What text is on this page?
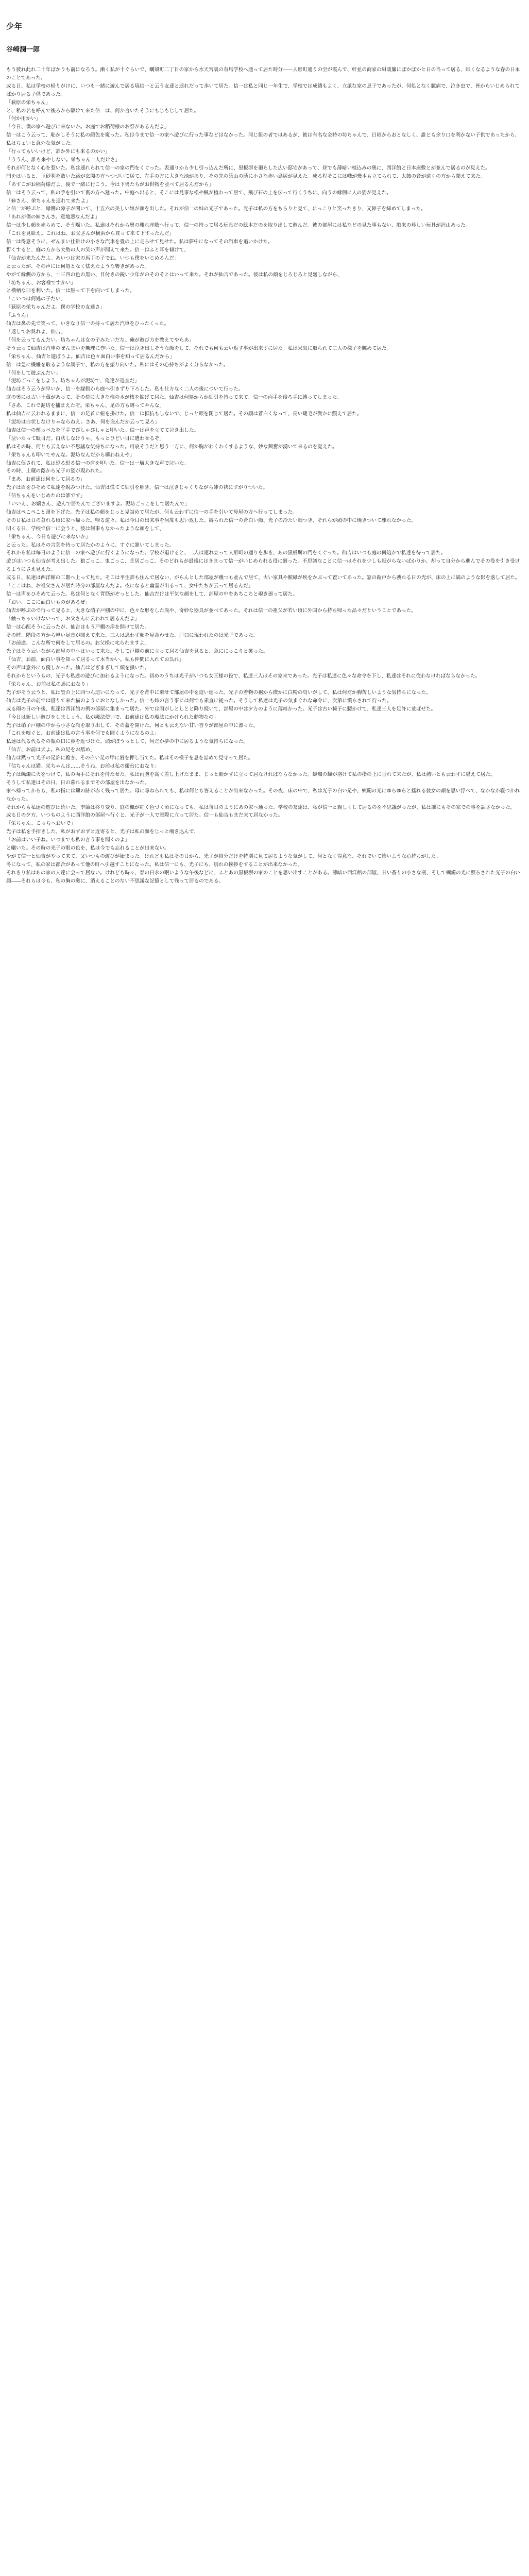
少年
谷崎潤一郎

もう彼れ此れ二十年ばかりも前になろう。漸く私が十ぐらいで、蠣殻町二丁目の家から水天宮裏の有馬学校へ通って居た時分――人形町通りの空が霞んで、軒並の商家の紺暖簾にぽかぽかと日の当って居る、眠くなるような春の日永のことであった。

或る日、私は学校の帰りがけに、いつも一緒に遊んで居る塙信一と云う友達と連れだって歩いて居た。信一は私と同じ一年生で、学校では成績もよく、立派な家の息子であったが、何処となく臆病で、泣き虫で、皆からいじめられてばかり居る子供であった。

「萩原の栄ちゃん」

と、私の名を呼んで後ろから駆けて来た信一は、何か言いたそうにもじもじして居た。

「何か用かい」

「今日、僕の家へ遊びに来ないか。お庭でお稲荷様のお祭があるんだよ」

信一はこう云って、恥かしそうに私の顔色を窺った。私は今まで信一の家へ遊びに行った事などはなかった。同じ組の者ではあるが、彼は有名な金持の坊ちゃんで、日頃からおとなしく、誰とも余り口を利かない子供であったから、私はちょいと意外な気がした。

「行ってもいいけど、誰か外にも来るのかい」

「ううん、誰も来やしない。栄ちゃん一人だけさ」

それが何となく心を惹いた。私は連れられて信一の家の門をくぐった。表通りから少し引っ込んだ所に、黒板塀を廻らした広い邸宅があって、昼でも薄暗い植込みの奥に、西洋館と日本座敷とが並んで居るのが見えた。

門をはいると、玉砂利を敷いた路が玄関の方へつづいて居て、左手の方に大きな池があり、その先の築山の蔭に小さな赤い鳥居が見えた。成る程そこには幟が幾本も立てられて、太鼓の音が遠くの方から聞えて来た。

「あすこがお稲荷様だよ。後で一緒に行こう。今は下男たちがお供物を並べて居るんだから」

信一はそう云って、私の手を引いて裏の方へ廻った。中庭へ出ると、そこには見事な松や楓が植わって居て、飛び石の上を伝って行くうちに、向うの縁側に人の姿が見えた。

「姉さん、栄ちゃんを連れて来たよ」

と信一が呼ぶと、縁側の障子が開いて、十五六の美しい娘が顔を出した。それが信一の姉の光子であった。光子は私の方をちらりと見て、にっこりと笑ったきり、又障子を締めてしまった。

「あれが僕の姉さんさ。意地悪なんだよ」

信一は少し顔を赤らめて、そう囁いた。私達はそれから奥の離れ座敷へ行って、信一の持って居る玩具だの絵本だのを取り出して遊んだ。彼の部屋には私などの見た事もない、舶来の珍しい玩具が沢山あった。

「これを見給え。これはね、お父さんが横浜から買って来て下すったんだ」

信一は得意そうに、ぜんまい仕掛けの小さな汽車を畳の上に走らせて見せた。私は夢中になってその汽車を追いかけた。

暫くすると、庭の方から大勢の人の笑い声が聞えて来た。信一はふと耳を傾けて、

「仙吉が来たんだよ。あいつは家の馬丁の子でね、いつも僕をいじめるんだ」

と云ったが、その声には何処となく怯えたような響きがあった。

やがて縁側の方から、十三四の色の黒い、目付きの鋭い少年がのそのそとはいって来た。それが仙吉であった。彼は私の顔をじろじろと見廻しながら、

「坊ちゃん、お客様ですかい」

と横柄な口を利いた。信一は黙って下を向いてしまった。

「こいつは何処の子だい」

「萩原の栄ちゃんだよ。僕の学校の友達さ」

「ふうん」

仙吉は鼻の先で笑って、いきなり信一の持って居た汽車をひったくった。

「返してお呉れよ、仙吉」

「何を云ってるんだい。坊ちゃんは女の子みたいだな。俺が遊び方を教えてやらあ」

そう云って仙吉は汽車のぜんまいを無理に巻いた。信一は泣き出しそうな顔をして、それでも何も云い返す事が出来ずに居た。私は呆気に取られて二人の様子を眺めて居た。

「栄ちゃん、仙吉と遊ぼうよ。仙吉は色々面白い事を知って居るんだから」

信一は急に機嫌を取るような調子で、私の方を振り向いた。私にはその心持ちがよく分らなかった。

「何をして遊ぶんだい」

「泥坊ごっこをしよう。坊ちゃんが泥坊で、俺達が巡査だ」

仙吉はそう云うが早いか、信一を縁側から庭へ引きずり下ろした。私も仕方なく二人の後について行った。

庭の奥には古い土蔵があって、その傍に大きな椎の木が枝を拡げて居た。仙吉は何処からか細引を持って来て、信一の両手を後ろ手に縛ってしまった。

「さあ、これで泥坊を捕まえたぞ。栄ちゃん、足の方も縛ってやんな」

私は仙吉に云われるままに、信一の足首に紐を掛けた。信一は抵抗もしないで、じっと眼を閉じて居た。その顔は蒼白くなって、長い睫毛が微かに顫えて居た。

「泥坊は白状しなけりゃならねえ。さあ、何を盗んだか云って見ろ」

仙吉は信一の頬っぺたを平手でぴしゃぴしゃと叩いた。信一は声を立てて泣き出した。

「泣いたって駄目だ。白状しなけりゃ、もっとひどい目に遭わせるぞ」

私はその時、何とも云えない不思議な気持ちになった。可哀そうだと思う一方に、何か胸がわくわくするような、妙な興奮が湧いて来るのを覚えた。

「栄ちゃんも叩いてやんな。泥坊なんだから構わねえや」

仙吉に促されて、私は恐る恐る信一の肩を叩いた。信一は一層大きな声で泣いた。

その時、土蔵の蔭から光子の姿が現われた。

「まあ、お前達は何をして居るの」

光子は眉をひそめて私達を睨みつけた。仙吉は慌てて細引を解き、信一は泣きじゃくりながら姉の袂にすがりついた。

「信ちゃんをいじめたのは誰です」

「いいえ、お嬢さん、遊んで居たんでございますよ。泥坊ごっこをして居たんで」

仙吉はぺこぺこと頭を下げた。光子は私の顔をじっと見詰めて居たが、何も云わずに信一の手を引いて母屋の方へ行ってしまった。

その日私は日の暮れる頃に家へ帰った。帰る道々、私は今日の出来事を何度も思い返した。縛られた信一の蒼白い顔、光子の冷たい眼つき、それらが頭の中に焼きついて離れなかった。

明くる日、学校で信一に会うと、彼は何事もなかったような顔をして、

「栄ちゃん、今日も遊びに来ないか」

と云った。私はその言葉を待って居たかのように、すぐに頷いてしまった。

それから私は毎日のように信一の家へ遊びに行くようになった。学校が退けると、二人は連れ立って人形町の通りを歩き、あの黒板塀の門をくぐった。仙吉はいつも庭の何処かで私達を待って居た。

遊びはいつも仙吉が考え出した。狼ごっこ、鬼ごっこ、芝居ごっこ、そのどれもが最後にはきまって信一がいじめられる役に廻った。不思議なことに信一はそれを少しも厭がらないばかりか、却って自分から進んでその役を引き受けるようにさえ見えた。

或る日、私達は西洋館の二階へ上って見た。そこは平生誰も住んで居ない、がらんとした部屋が幾つも並んで居て、古い家具や額縁が埃をかぶって置いてあった。窓の鎧戸から洩れる日の光が、床の上に縞のような影を落して居た。

「ここはね、お祖父さんが居た時分の部屋なんだよ。夜になると幽霊が出るって、女中たちが云って居るんだ」

信一は声をひそめて云った。私は何となく背筋がぞっとした。仙吉だけは平気な顔をして、部屋の中をあちこちと覗き廻って居た。

「おい、ここに面白いものがあるぜ」

仙吉が呼ぶので行って見ると、大きな硝子戸棚の中に、色々な形をした瓶や、奇妙な器具が並べてあった。それは信一の祖父が若い頃に外国から持ち帰った品々だということであった。

「触っちゃいけないって、お父さんに云われて居るんだよ」

信一は心配そうに云ったが、仙吉はもう戸棚の扉を開けて居た。

その時、階段の方から軽い足音が聞えて来た。三人は思わず顔を見合わせた。戸口に現われたのは光子であった。

「お前達、こんな所で何をして居るの。お父様に叱られますよ」

光子はそう云いながら部屋の中へはいって来た。そして戸棚の前に立って居る仙吉を見ると、急ににっこりと笑った。

「仙吉、お前、面白い事を知って居るって本当かい。私も仲間に入れてお呉れ」

その声は意外にも優しかった。仙吉はどぎまぎして頭を掻いた。

それからというもの、光子も私達の遊びに加わるようになった。初めのうちは光子がいつも女王様の役で、私達三人はその家来であった。光子は私達に色々な命令を下し、私達はそれに従わなければならなかった。

「栄ちゃん、お前は私の馬におなり」

光子がそう云うと、私は畳の上に四つん這いになって、光子を背中に乗せて部屋の中を這い廻った。光子の着物の裾から微かに白粉の匂いがして、私は何だか胸苦しいような気持ちになった。

仙吉は光子の前では借りて来た猫のようにおとなしかった。信一も姉の言う事には何でも素直に従った。そうして私達は光子の気まぐれな命令に、次第に慣らされて行った。

或る雨の日の午後、私達は西洋館の例の部屋に集まって居た。外では雨がしとしとと降り続いて、部屋の中は夕方のように薄暗かった。光子は古い椅子に腰かけて、私達三人を足許に並ばせた。

「今日は新しい遊びをしましょう。私が魔法使いで、お前達は私の魔法にかけられた動物なの」

光子は硝子戸棚の中から小さな瓶を取り出して、その蓋を開けた。何とも云えない甘い香りが部屋の中に漂った。

「これを嗅ぐと、お前達は私の言う事を何でも聞くようになるのよ」

私達は代る代るその瓶の口に鼻を近づけた。頭がぼうっとして、何だか夢の中に居るような気持ちになった。

「仙吉、お前は犬よ。私の足をお舐め」

仙吉は黙って光子の足許に跪き、その白い足の甲に唇を押し当てた。私はその様子を息を詰めて見守って居た。

「信ちゃんは猫。栄ちゃんは……そうね、お前は私の燭台におなり」

光子は蝋燭に火をつけて、私の両手にそれを持たせた。私は両腕を高く差し上げたまま、じっと動かずに立って居なければならなかった。蝋燭の蝋が溶けて私の指の上に垂れて来たが、私は熱いとも云わずに堪えて居た。

そうして私達はその日、日の暮れるまでその部屋を出なかった。

家へ帰ってからも、私の指には蝋の跡が赤く残って居た。母に尋ねられても、私は何とも答えることが出来なかった。その夜、床の中で、私は光子の白い足や、蝋燭の光にゆらゆらと揺れる彼女の顔を思い浮べて、なかなか寝つかれなかった。

それからも私達の遊びは続いた。季節は移り変り、庭の楓が紅く色づく頃になっても、私は毎日のようにあの家へ通った。学校の友達は、私が信一と親しくして居るのを不思議がったが、私は誰にもその家での事を話さなかった。

或る日の夕方、いつものように西洋館の部屋へ行くと、光子が一人で窓際に立って居た。信一も仙吉もまだ来て居なかった。

「栄ちゃん、こっちへおいで」

光子は私を手招きした。私がおずおずと近寄ると、光子は私の顔をじっと覗き込んで、

「お前はいい子ね。いつまでも私の言う事を聞くのよ」

と囁いた。その時の光子の眼の色を、私は今でも忘れることが出来ない。

やがて信一と仙吉がやって来て、又いつもの遊びが始まった。けれども私はその日から、光子が自分だけを特別に見て居るような気がして、何となく得意な、それでいて怖いような心持ちがした。

冬になって、私の家は都合があって他の町へ引越すことになった。私は信一にも、光子にも、別れの挨拶をすることが出来なかった。

それきり私はあの家の人達に会って居ない。けれども時々、春の日永の眠いような午後などに、ふとあの黒板塀の家のことを思い出すことがある。薄暗い西洋館の部屋、甘い香りの小さな瓶、そして蝋燭の光に照らされた光子の白い顔――それらは今も、私の胸の奥に、消えることのない不思議な記憶として残って居るのである。
